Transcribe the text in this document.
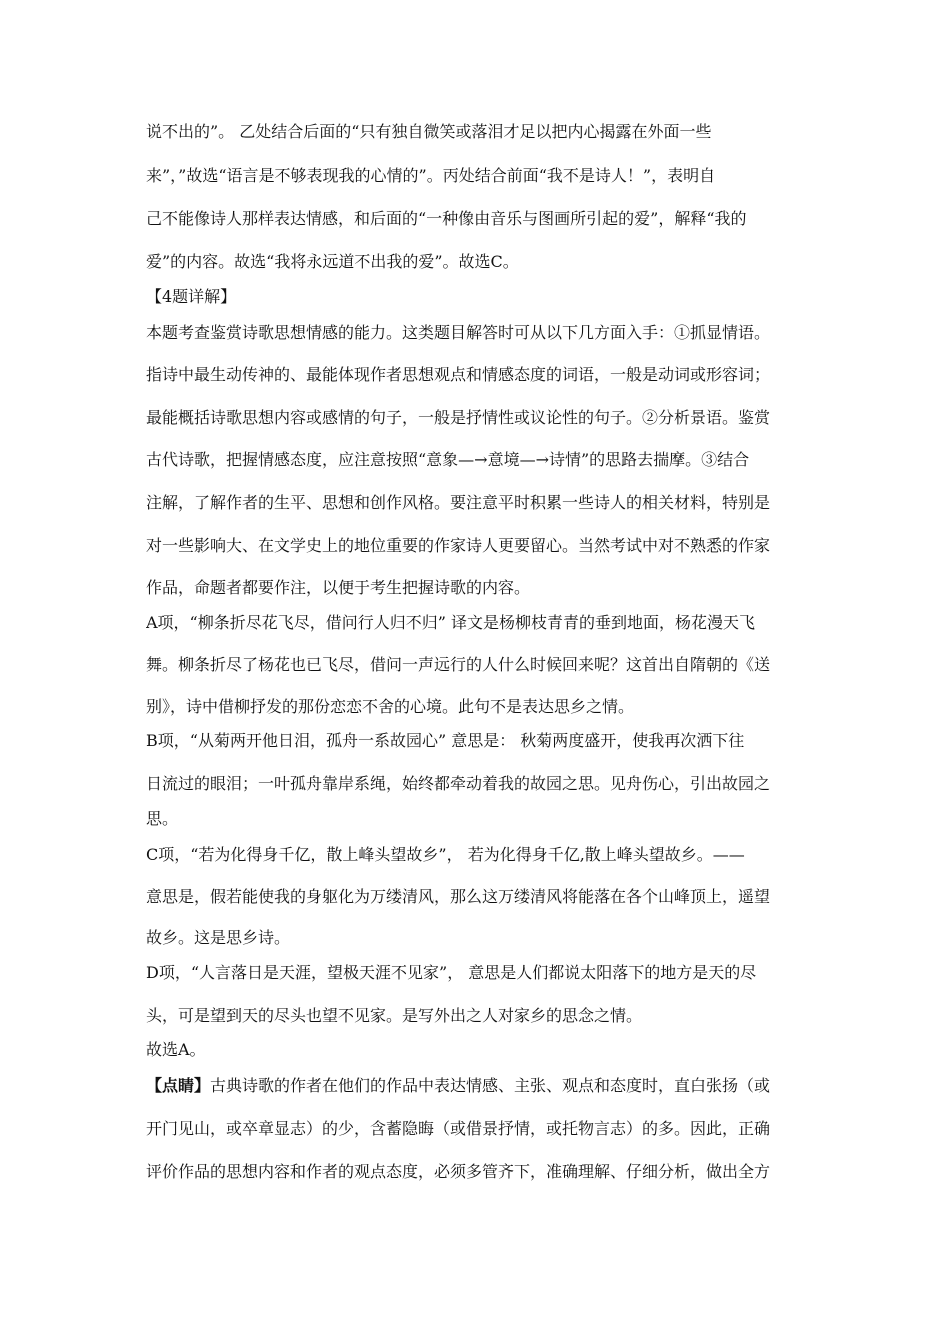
说不出的”。 乙处结合后面的“只有独自微笑或落泪才足以把内心揭露在外面一些
来”，”故选“语言是不够表现我的心情的”。丙处结合前面“我不是诗人！”，表明自
己不能像诗人那样表达情感，和后面的“一种像由音乐与图画所引起的爱”，解释“我的
爱”的内容。故选“我将永远道不出我的爱”。故选C。
【4题详解】
本题考查鉴赏诗歌思想情感的能力。这类题目解答时可从以下几方面入手：①抓显情语。
指诗中最生动传神的、最能体现作者思想观点和情感态度的词语，一般是动词或形容词；
最能概括诗歌思想内容或感情的句子，一般是抒情性或议论性的句子。②分析景语。鉴赏
古代诗歌，把握情感态度，应注意按照“意象—→意境—→诗情”的思路去揣摩。③结合
注解，了解作者的生平、思想和创作风格。要注意平时积累一些诗人的相关材料，特别是
对一些影响大、在文学史上的地位重要的作家诗人更要留心。当然考试中对不熟悉的作家
作品，命题者都要作注，以便于考生把握诗歌的内容。
A项，“柳条折尽花飞尽，借问行人归不归” 译文是杨柳枝青青的垂到地面，杨花漫天飞
舞。柳条折尽了杨花也已飞尽，借问一声远行的人什么时候回来呢？这首出自隋朝的《送
别》，诗中借柳抒发的那份恋恋不舍的心境。此句不是表达思乡之情。
B项，“从菊两开他日泪，孤舟一系故园心” 意思是： 秋菊两度盛开，使我再次洒下往
日流过的眼泪；一叶孤舟靠岸系绳，始终都牵动着我的故园之思。见舟伤心，引出故园之
思。
C项，“若为化得身千亿，散上峰头望故乡”， 若为化得身千亿,散上峰头望故乡。——
意思是，假若能使我的身躯化为万缕清风，那么这万缕清风将能落在各个山峰顶上，遥望
故乡。这是思乡诗。
D项，“人言落日是天涯，望极天涯不见家”， 意思是人们都说太阳落下的地方是天的尽
头，可是望到天的尽头也望不见家。是写外出之人对家乡的思念之情。
故选A。
【点睛】古典诗歌的作者在他们的作品中表达情感、主张、观点和态度时，直白张扬（或
开门见山，或卒章显志）的少，含蓄隐晦（或借景抒情，或托物言志）的多。因此，正确
评价作品的思想内容和作者的观点态度，必须多管齐下，准确理解、仔细分析，做出全方
